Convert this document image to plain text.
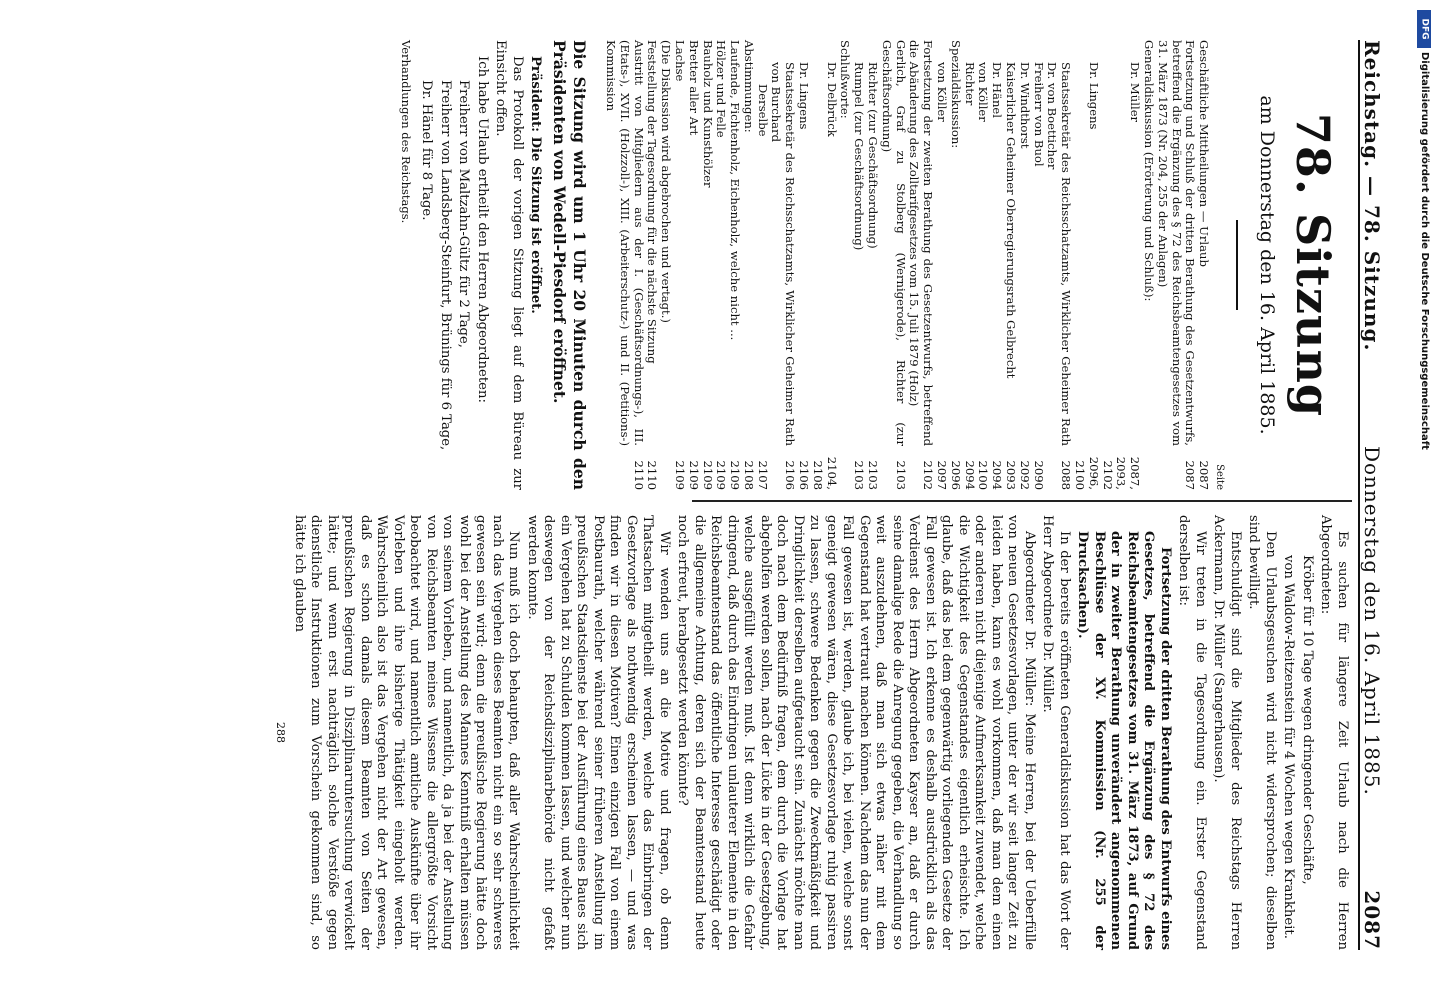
Reichstag. — 78. Sitzung.
Donnerstag den 16. April 1885.
2087
78. Sitzung
am Donnerstag den 16. April 1885.
Seite
Geschäftliche Mittheilungen — Urlaub
2087
Fortsetzung und Schluß der dritten Berathung des Gesetzentwurfs, betreffend die Ergänzung des § 72 des Reichsbeamtengesetzes vom 31. März 1873 (Nr. 204, 255 der Anlagen)
2087
Generaldiskussion (Erörterung und Schluß):
Dr. Müller
2087, 2093, 2102
Dr. Lingens
2096, 2100
Staatssekretär des Reichsschatzamts, Wirklicher Geheimer Rath Dr. von Boetticher
2088
Freiherr von Buol
2090
Dr. Windthorst
2092
Kaiserlicher Geheimer Oberregierungsrath Gelbrecht
2093
Dr. Hänel
2094
von Köller
2100
Richter
2094
Spezialdiskussion:
2096
von Köller
2097
Fortsetzung der zweiten Berathung des Gesetzentwurfs, betreffend die Abänderung des Zolltarifgesetzes vom 15. Juli 1879 (Holz)
2102
Gerlich, Graf zu Stolberg (Wernigerode), Richter (zur Geschäftsordnung)
2103
Richter (zur Geschäftsordnung)
2103
Rumpel (zur Geschäftsordnung)
2103
Schlußworte:
Dr. Delbrück
2104, 2108
Dr. Lingens
2106
Staatssekretär des Reichsschatzamts, Wirklicher Geheimer Rath von Burchard
2106
Derselbe
2107
Abstimmungen:
2108
Laufende, Fichtenholz, Eichenholz, welche nicht ...
2109
Hölzer und Felle
2109
Bauholz und Kunsthölzer
2109
Bretter aller Art
2109
Lachse
2109
(Die Diskussion wird abgebrochen und vertagt.)
Feststellung der Tagesordnung für die nächste Sitzung
2110
Austritt von Mitgliedern aus der I. (Geschäftsordnungs-), III. (Etats-), XVII. (Holzzoll-), XIII. (Arbeiterschutz-) und II. (Petitions-) Kommission
2110
Die Sitzung wird um 1 Uhr 20 Minuten durch den Präsidenten von Wedell-Piesdorf eröffnet.

Präsident: Die Sitzung ist eröffnet.

Das Protokoll der vorigen Sitzung liegt auf dem Büreau zur Einsicht offen.

Ich habe Urlaub ertheilt den Herren Abgeordneten:

Freiherr von Maltzahn-Gültz für 2 Tage,

Freiherr von Landsberg-Steinfurt, Brünings für 6 Tage,

Dr. Hänel für 8 Tage.

Verhandlungen des Reichstags.

Es suchen für längere Zeit Urlaub nach die Herren Abgeordneten:

Kröber für 10 Tage wegen dringender Geschäfte,

von Waldow-Reitzenstein für 4 Wochen wegen Krankheit.

Den Urlaubsgesuchen wird nicht widersprochen; dieselben sind bewilligt.

Entschuldigt sind die Mitglieder des Reichstags Herren Ackermann, Dr. Müller (Sangerhausen).

Wir treten in die Tagesordnung ein. Erster Gegenstand derselben ist:

Fortsetzung der dritten Berathung des Entwurfs eines Gesetzes, betreffend die Ergänzung des § 72 des Reichsbeamtengesetzes vom 31. März 1873, auf Grund der in zweiter Berathung unverändert angenommenen Beschlüsse der XV. Kommission (Nr. 255 der Drucksachen).

In der bereits eröffneten Generaldiskussion hat das Wort der Herr Abgeordnete Dr. Müller.

Abgeordneter Dr. Müller: Meine Herren, bei der Ueberfülle von neuen Gesetzesvorlagen, unter der wir seit langer Zeit zu leiden haben, kann es wohl vorkommen, daß man dem einen oder anderen nicht diejenige Aufmerksamkeit zuwendet, welche die Wichtigkeit des Gegenstandes eigentlich erheischte. Ich glaube, daß das bei dem gegenwärtig vorliegenden Gesetze der Fall gewesen ist. Ich erkenne es deshalb ausdrücklich als das Verdienst des Herrn Abgeordneten Kayser an, daß er durch seine damalige Rede die Anregung gegeben, die Verhandlung so weit auszudehnen, daß man sich etwas näher mit dem Gegenstand hat vertraut machen können. Nachdem das nun der Fall gewesen ist, werden, glaube ich, bei vielen, welche sonst geneigt gewesen wären, diese Gesetzesvorlage ruhig passiren zu lassen, schwere Bedenken gegen die Zweckmäßigkeit und Dringlichkeit derselben aufgetaucht sein. Zunächst möchte man doch nach dem Bedürfniß fragen, dem durch die Vorlage hat abgeholfen werden sollen, nach der Lücke in der Gesetzgebung, welche ausgefüllt werden muß. Ist denn wirklich die Gefahr dringend, daß durch das Eindringen unlauterer Elemente in den Reichsbeamtenstand das öffentliche Interesse geschädigt oder die allgemeine Achtung, deren sich der Beamtenstand heute noch erfreut, herabgesetzt werden könnte?

Wir wenden uns an die Motive und fragen, ob denn Thatsachen mitgetheilt werden, welche das Einbringen der Gesetzvorlage als nothwendig erscheinen lassen, — und was finden wir in diesen Motiven? Einen einzigen Fall von einem Postbaurath, welcher während seiner früheren Anstellung im preußischen Staatsdienste bei der Ausführung eines Baues sich ein Vergehen hat zu Schulden kommen lassen, und welcher nun deswegen von der Reichsdisziplinarbehörde nicht gefaßt werden konnte.

Nun muß ich doch behaupten, daß aller Wahrscheinlichkeit nach das Vergehen dieses Beamten nicht ein so sehr schweres gewesen sein wird; denn die preußische Regierung hätte doch wohl bei der Anstellung des Mannes Kenntniß erhalten müssen von seinem Vorleben, und namentlich, da ja bei der Anstellung von Reichsbeamten meines Wissens die allergrößte Vorsicht beobachtet wird, und namentlich amtliche Auskünfte über ihr Vorleben und ihre bisherige Thätigkeit eingeholt werden. Wahrscheinlich also ist das Vergehen nicht der Art gewesen, daß es schon damals diesem Beamten von Seiten der preußischen Regierung in Disziplinaruntersuchung verwickelt hätte; und wenn erst nachträglich solche Verstöße gegen dienstliche Instruktionen zum Vorschein gekommen sind, so hätte ich glauben

288

DFG
Digitalisierung gefördert durch die Deutsche Forschungsgemeinschaft
